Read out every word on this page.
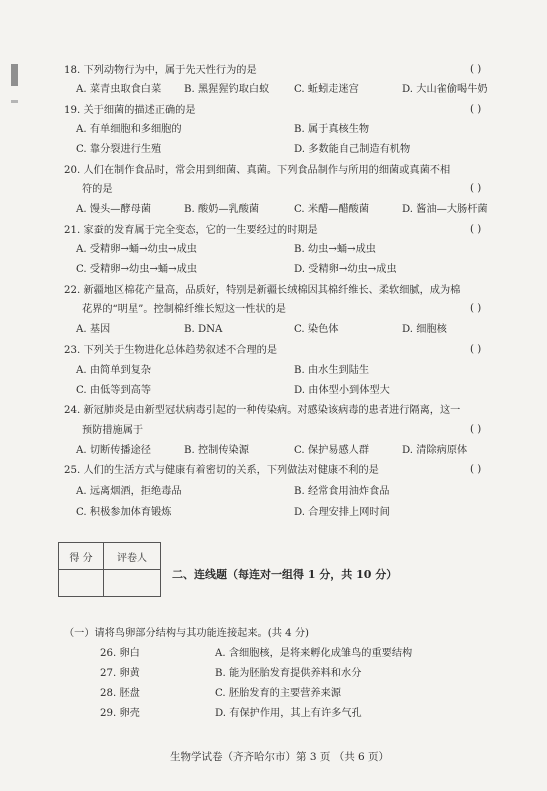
18. 下列动物行为中，属于先天性行为的是	( )
A. 菜青虫取食白菜 B. 黑猩猩钓取白蚁 C. 蚯蚓走迷宫	D. 大山雀偷喝牛奶
19. 关于细菌的描述正确的是	( )
A. 有单细胞和多细胞的	B. 属于真核生物
C. 靠分裂进行生殖	D. 多数能自己制造有机物
20. 人们在制作食品时，常会用到细菌、真菌。下列食品制作与所用的细菌或真菌不相
符的是	( )
A. 馒头—酵母菌	B. 酸奶—乳酸菌	C. 米醋—醋酸菌	D. 酱油—大肠杆菌
21. 家蚕的发育属于完全变态，它的一生要经过的时期是	( )
A. 受精卵→蛹→幼虫→成虫	B. 幼虫→蛹→成虫
C. 受精卵→幼虫→蛹→成虫	D. 受精卵→幼虫→成虫
22. 新疆地区棉花产量高，品质好，特别是新疆长绒棉因其棉纤维长、柔软细腻，成为棉
花界的“明星”。控制棉纤维长短这一性状的是	( )
A. 基因	B. DNA	C. 染色体	D. 细胞核
23. 下列关于生物进化总体趋势叙述不合理的是	( )
A. 由简单到复杂	B. 由水生到陆生
C. 由低等到高等	D. 由体型小到体型大
24. 新冠肺炎是由新型冠状病毒引起的一种传染病。对感染该病毒的患者进行隔离，这一
预防措施属于	( )
A. 切断传播途径	B. 控制传染源	C. 保护易感人群	D. 清除病原体
25. 人们的生活方式与健康有着密切的关系，下列做法对健康不利的是	( )
A. 远离烟酒，拒绝毒品	B. 经常食用油炸食品
C. 积极参加体育锻炼	D. 合理安排上网时间
得 分	评卷人

二、连线题（每连对一组得 1 分，共 10 分）
（一）请将鸟卵部分结构与其功能连接起来。(共 4 分)
26. 卵白	A. 含细胞核，是将来孵化成雏鸟的重要结构
27. 卵黄	B. 能为胚胎发育提供养料和水分
28. 胚盘	C. 胚胎发育的主要营养来源
29. 卵壳	D. 有保护作用，其上有许多气孔
生物学试卷（齐齐哈尔市）第 3 页 （共 6 页）
